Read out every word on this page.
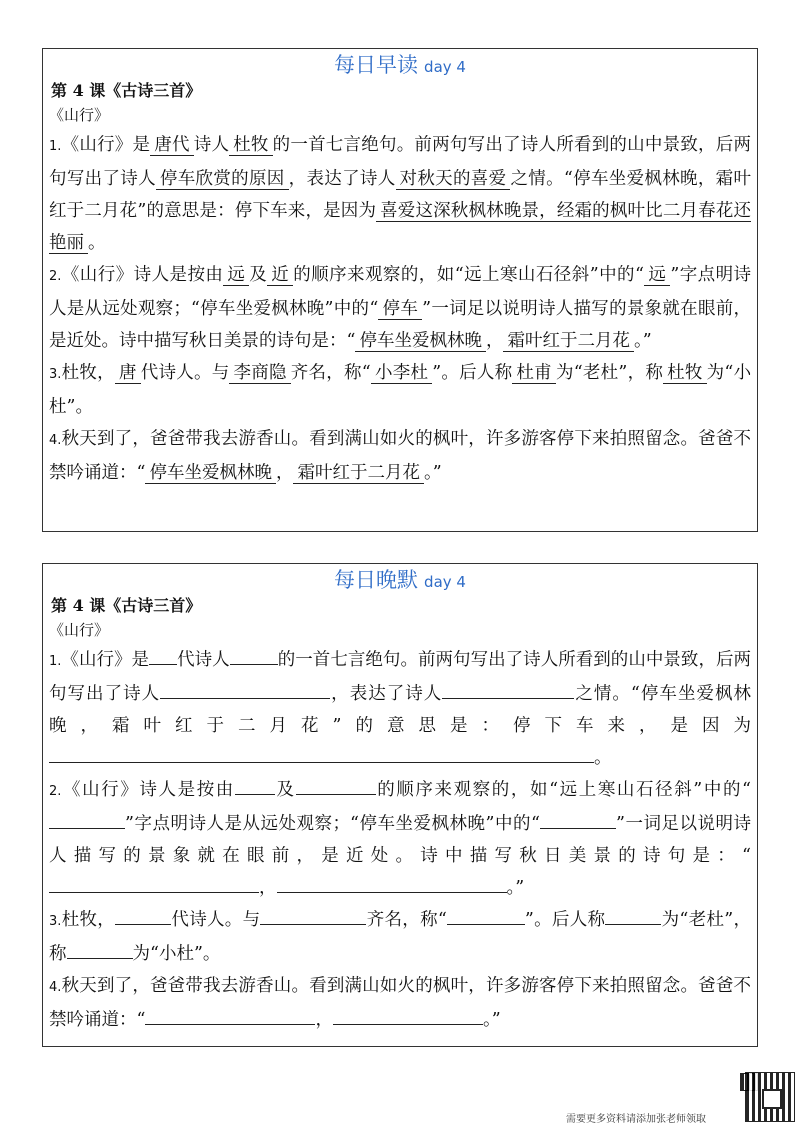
每日早读 day 4
第 4 课《古诗三首》
《山行》

1.《山行》是 唐代 诗人 杜牧 的一首七言绝句。前两句写出了诗人所看到的山中景致，后两句写出了诗人 停车欣赏的原因 ，表达了诗人 对秋天的喜爱 之情。“停车坐爱枫林晚，霜叶红于二月花”的意思是：停下车来，是因为 喜爱这深秋枫林晚景，经霜的枫叶比二月春花还艳丽 。

2.《山行》诗人是按由 远 及 近 的顺序来观察的，如“远上寒山石径斜”中的“ 远 ”字点明诗人是从远处观察；“停车坐爱枫林晚”中的“ 停车 ”一词足以说明诗人描写的景象就在眼前，是近处。诗中描写秋日美景的诗句是：“ 停车坐爱枫林晚 ， 霜叶红于二月花 。”

3.杜牧， 唐 代诗人。与 李商隐 齐名，称“ 小李杜 ”。后人称 杜甫 为“老杜”，称 杜牧 为“小杜”。

4.秋天到了，爸爸带我去游香山。看到满山如火的枫叶，许多游客停下来拍照留念。爸爸不禁吟诵道：“ 停车坐爱枫林晚 ， 霜叶红于二月花 。”

每日晚默 day 4
第 4 课《古诗三首》
《山行》

1.《山行》是 代诗人	的一首七言绝句。前两句写出了诗人所看到的山中景致，后两句写出了诗人	，表达了诗人	之情。“停车坐爱枫林晚，霜叶红于二月花”的意思是：停下车来，是因为。

2.《山行》诗人是按由 及	的顺序来观察的，如“远上寒山石径斜”中的“”字点明诗人是从远处观察；“停车坐爱枫林晚”中的“	”一词足以说明诗人描写的景象就在眼前，是近处。诗中描写秋日美景的诗句是：“，	。”

3.杜牧，	代诗人。与	齐名，称“	”。后人称	为“老杜”，称	为“小杜”。

4.秋天到了，爸爸带我去游香山。看到满山如火的枫叶，许多游客停下来拍照留念。爸爸不禁吟诵道：“	，	。”

需要更多资料请添加张老师领取
